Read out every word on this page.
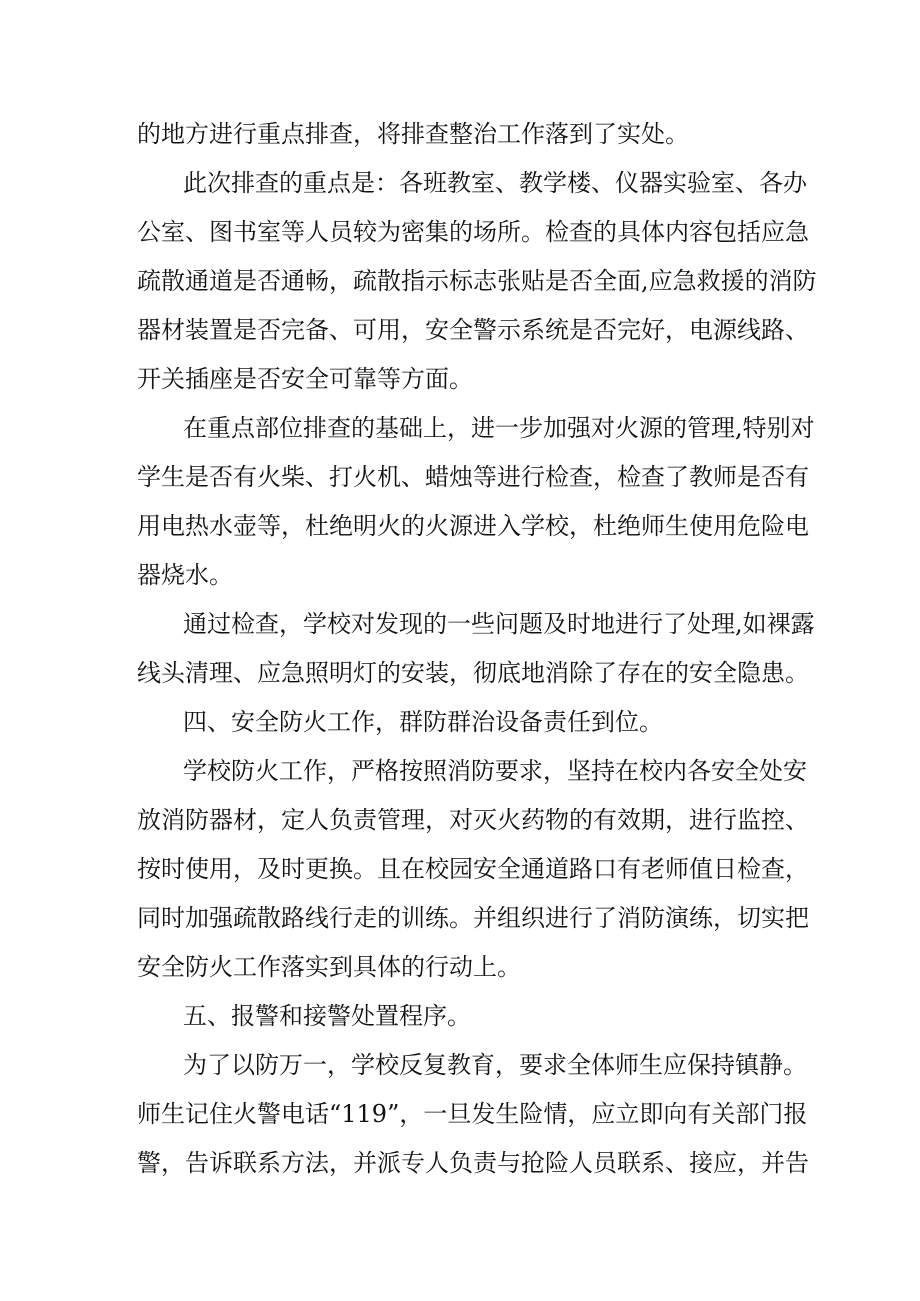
的地方进行重点排查，将排查整治工作落到了实处。
此次排查的重点是：各班教室、教学楼、仪器实验室、各办
公室、图书室等人员较为密集的场所。检查的具体内容包括应急
疏散通道是否通畅，疏散指示标志张贴是否全面,应急救援的消防
器材装置是否完备、可用，安全警示系统是否完好，电源线路、
开关插座是否安全可靠等方面。
在重点部位排查的基础上，进一步加强对火源的管理,特别对
学生是否有火柴、打火机、蜡烛等进行检查，检查了教师是否有
用电热水壶等，杜绝明火的火源进入学校，杜绝师生使用危险电
器烧水。
通过检查，学校对发现的一些问题及时地进行了处理,如裸露
线头清理、应急照明灯的安装，彻底地消除了存在的安全隐患。
四、安全防火工作，群防群治设备责任到位。
学校防火工作，严格按照消防要求，坚持在校内各安全处安
放消防器材，定人负责管理，对灭火药物的有效期，进行监控、
按时使用，及时更换。且在校园安全通道路口有老师值日检查，
同时加强疏散路线行走的训练。并组织进行了消防演练，切实把
安全防火工作落实到具体的行动上。
五、报警和接警处置程序。
为了以防万一，学校反复教育，要求全体师生应保持镇静。
师生记住火警电话“119”，一旦发生险情，应立即向有关部门报
警，告诉联系方法，并派专人负责与抢险人员联系、接应，并告
